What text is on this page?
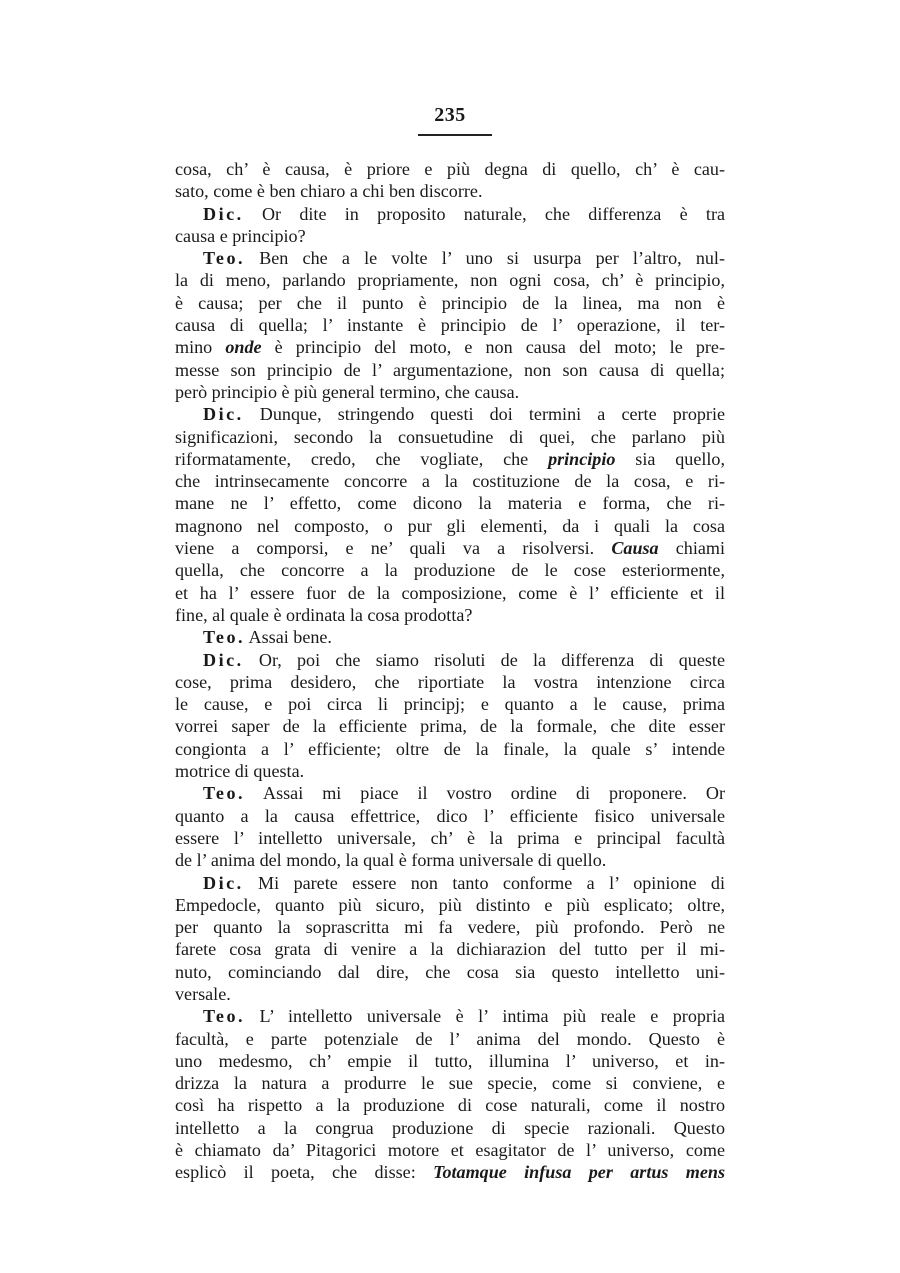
235
cosa, ch’ è causa, è priore e più degna di quello, ch’ è cau-
sato, come è ben chiaro a chi ben discorre.
Dic. Or dite in proposito naturale, che differenza è tra
causa e principio?
Teo. Ben che a le volte l’ uno si usurpa per l’altro, nul-
la di meno, parlando propriamente, non ogni cosa, ch’ è principio,
è causa; per che il punto è principio de la linea, ma non è
causa di quella; l’ instante è principio de l’ operazione, il ter-
mino onde è principio del moto, e non causa del moto; le pre-
messe son principio de l’ argumentazione, non son causa di quella;
però principio è più general termino, che causa.
Dic. Dunque, stringendo questi doi termini a certe proprie
significazioni, secondo la consuetudine di quei, che parlano più
riformatamente, credo, che vogliate, che principio sia quello,
che intrinsecamente concorre a la costituzione de la cosa, e ri-
mane ne l’ effetto, come dicono la materia e forma, che ri-
magnono nel composto, o pur gli elementi, da i quali la cosa
viene a comporsi, e ne’ quali va a risolversi. Causa chiami
quella, che concorre a la produzione de le cose esteriormente,
et ha l’ essere fuor de la composizione, come è l’ efficiente et il
fine, al quale è ordinata la cosa prodotta?
Teo. Assai bene.
Dic. Or, poi che siamo risoluti de la differenza di queste
cose, prima desidero, che riportiate la vostra intenzione circa
le cause, e poi circa li principj; e quanto a le cause, prima
vorrei saper de la efficiente prima, de la formale, che dite esser
congionta a l’ efficiente; oltre de la finale, la quale s’ intende
motrice di questa.
Teo. Assai mi piace il vostro ordine di proponere. Or
quanto a la causa effettrice, dico l’ efficiente fisico universale
essere l’ intelletto universale, ch’ è la prima e principal facultà
de l’ anima del mondo, la qual è forma universale di quello.
Dic. Mi parete essere non tanto conforme a l’ opinione di
Empedocle, quanto più sicuro, più distinto e più esplicato; oltre,
per quanto la soprascritta mi fa vedere, più profondo. Però ne
farete cosa grata di venire a la dichiarazion del tutto per il mi-
nuto, cominciando dal dire, che cosa sia questo intelletto uni-
versale.
Teo. L’ intelletto universale è l’ intima più reale e propria
facultà, e parte potenziale de l’ anima del mondo. Questo è
uno medesmo, ch’ empie il tutto, illumina l’ universo, et in-
drizza la natura a produrre le sue specie, come si conviene, e
così ha rispetto a la produzione di cose naturali, come il nostro
intelletto a la congrua produzione di specie razionali. Questo
è chiamato da’ Pitagorici motore et esagitator de l’ universo, come
esplicò il poeta, che disse: Totamque infusa per artus mens
